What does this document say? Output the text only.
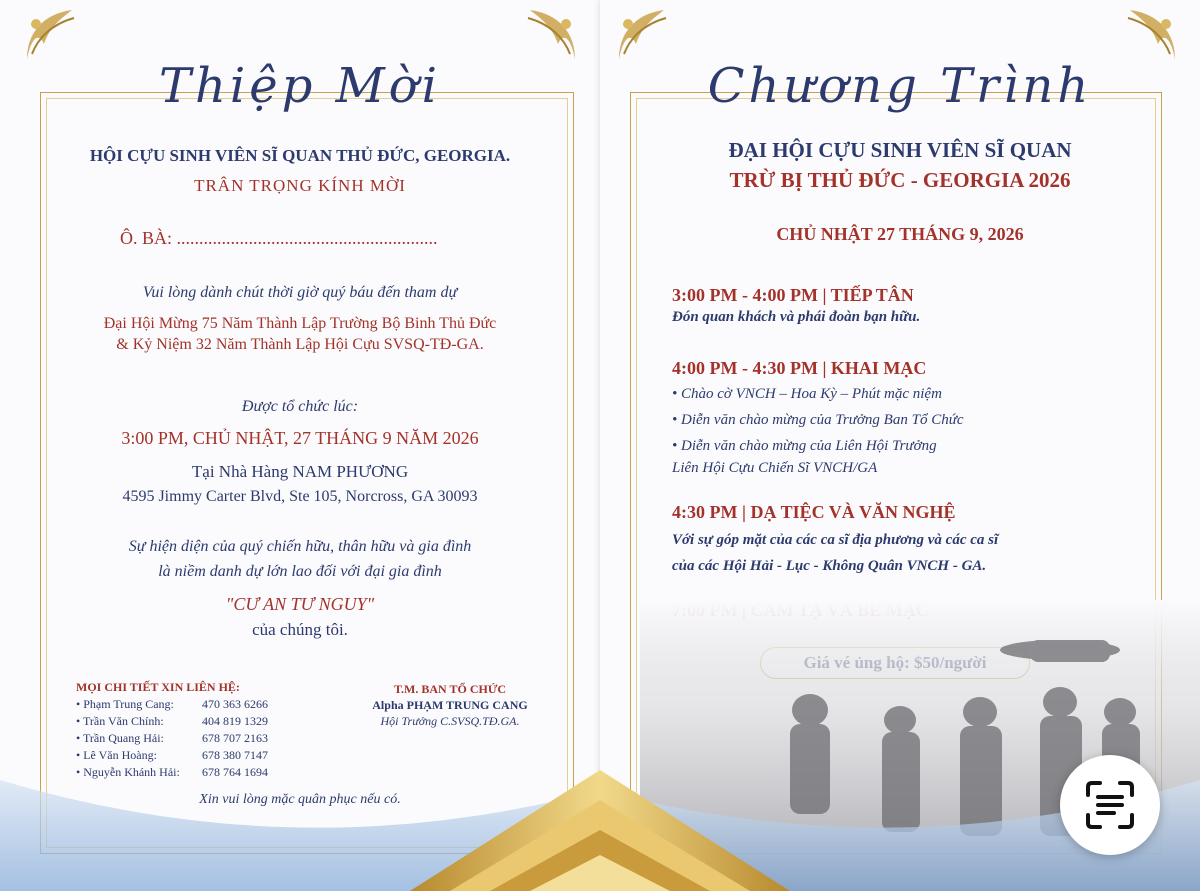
Thiệp Mời
HỘI CỰU SINH VIÊN SĨ QUAN THỦ ĐỨC, GEORGIA.
TRÂN TRỌNG KÍNH MỜI
Ô. BÀ: ..........................................................
Vui lòng dành chút thời giờ quý báu đến tham dự
Đại Hội Mừng 75 Năm Thành Lập Trường Bộ Binh Thủ Đức
& Kỷ Niệm 32 Năm Thành Lập Hội Cựu SVSQ-TĐ-GA.
Được tổ chức lúc:
3:00 PM, CHỦ NHẬT, 27 THÁNG 9 NĂM 2026
Tại Nhà Hàng NAM PHƯƠNG
4595 Jimmy Carter Blvd, Ste 105, Norcross, GA 30093
Sự hiện diện của quý chiến hữu, thân hữu và gia đình
là niềm danh dự lớn lao đối với đại gia đình
"CƯ AN TƯ NGUY"
của chúng tôi.
MỌI CHI TIẾT XIN LIÊN HỆ:
• Phạm Trung Cang: 470 363 6266
• Trần Văn Chính:	404 819 1329
• Trần Quang Hải:	678 707 2163
• Lê Văn Hoàng:	678 380 7147
• Nguyễn Khánh Hải: 678 764 1694
T.M. BAN TỔ CHỨC
Alpha PHẠM TRUNG CANG
Hội Trưởng C.SVSQ.TĐ.GA.
Xin vui lòng mặc quân phục nếu có.
Chương Trình
ĐẠI HỘI CỰU SINH VIÊN SĨ QUAN
TRỪ BỊ THỦ ĐỨC - GEORGIA 2026
CHỦ NHẬT 27 THÁNG 9, 2026
3:00 PM - 4:00 PM | TIẾP TÂN
Đón quan khách và phái đoàn bạn hữu.
4:00 PM - 4:30 PM | KHAI MẠC
• Chào cờ VNCH – Hoa Kỳ – Phút mặc niệm
• Diễn văn chào mừng của Trưởng Ban Tổ Chức
• Diễn văn chào mừng của Liên Hội Trưởng
Liên Hội Cựu Chiến Sĩ VNCH/GA
4:30 PM | DẠ TIỆC VÀ VĂN NGHỆ
Với sự góp mặt của các ca sĩ địa phương và các ca sĩ
của các Hội Hải - Lục - Không Quân VNCH - GA.
